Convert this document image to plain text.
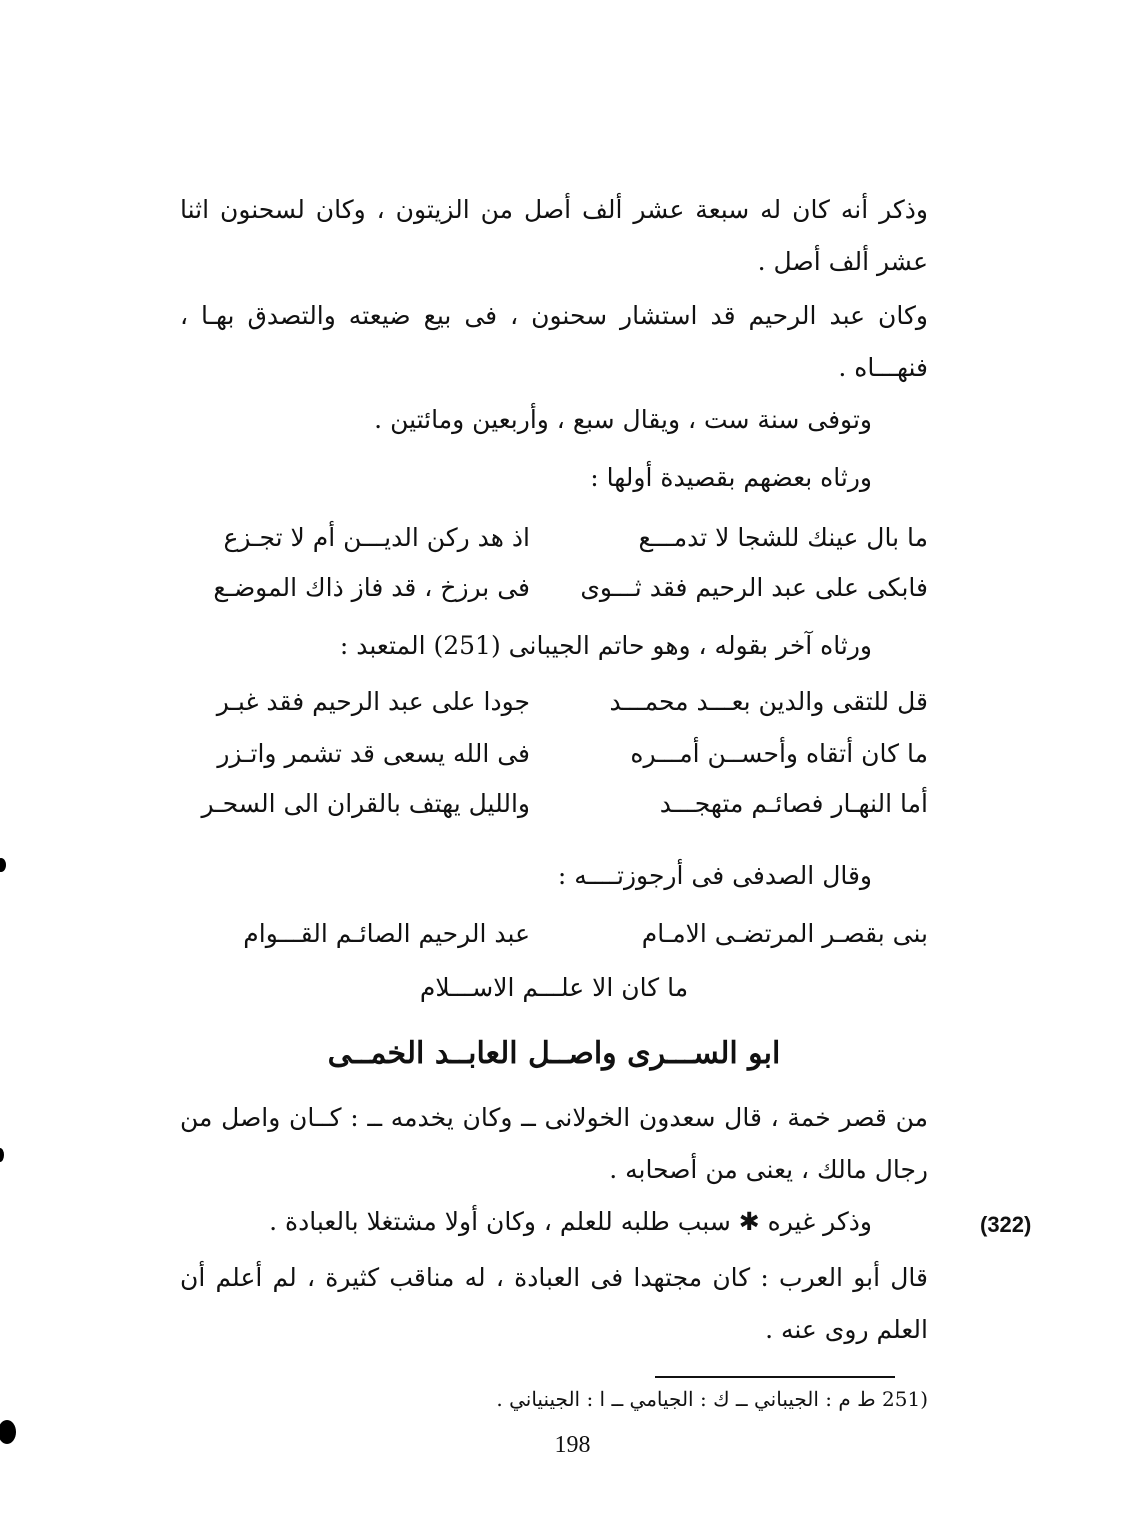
وذكر أنه كان له سبعة عشر ألف أصل من الزيتون ، وكان لسحنون اثنا عشر ألف أصل .
وكان عبد الرحيم قد استشار سحنون ، فى بيع ضيعته والتصدق بهـا ، فنهـــاه .
وتوفى سنة ست ، ويقال سبع ، وأربعين ومائتين .
ورثاه بعضهم بقصيدة أولها :
ما بال عينك للشجا لا تدمـــع
اذ هد ركن الديـــن أم لا تجـزع
فابكى على عبد الرحيم فقد ثـــوى
فى برزخ ، قد فاز ذاك الموضـع
ورثاه آخر بقوله ، وهو حاتم الجيبانى (251) المتعبد :
قل للتقى والدين بعـــد محمـــد
جودا على عبد الرحيم فقد غبـر
ما كان أتقاه وأحســن أمـــره
فى الله يسعى قد تشمر واتـزر
أما النهـار فصائـم متهجـــد
والليل يهتف بالقران الى السحـر
وقال الصدفى فى أرجوزتــــه :
بنى بقصـر المرتضـى الامـام
عبد الرحيم الصائـم القـــوام
ما كان الا علـــم الاســـلام
ابو الســـرى واصــل العابــد الخمــى
من قصر خمة ، قال سعدون الخولانى ــ وكان يخدمه ــ : كــان واصل من رجال مالك ، يعنى من أصحابه .
وذكر غيره ✱ سبب طلبه للعلم ، وكان أولا مشتغلا بالعبادة .
قال أبو العرب : كان مجتهدا فى العبادة ، له مناقب كثيرة ، لم أعلم أن العلم روى عنه .
(322)
(251 ط م : الجيباني ــ ك : الجيامي ــ ا : الجينياني .
198
